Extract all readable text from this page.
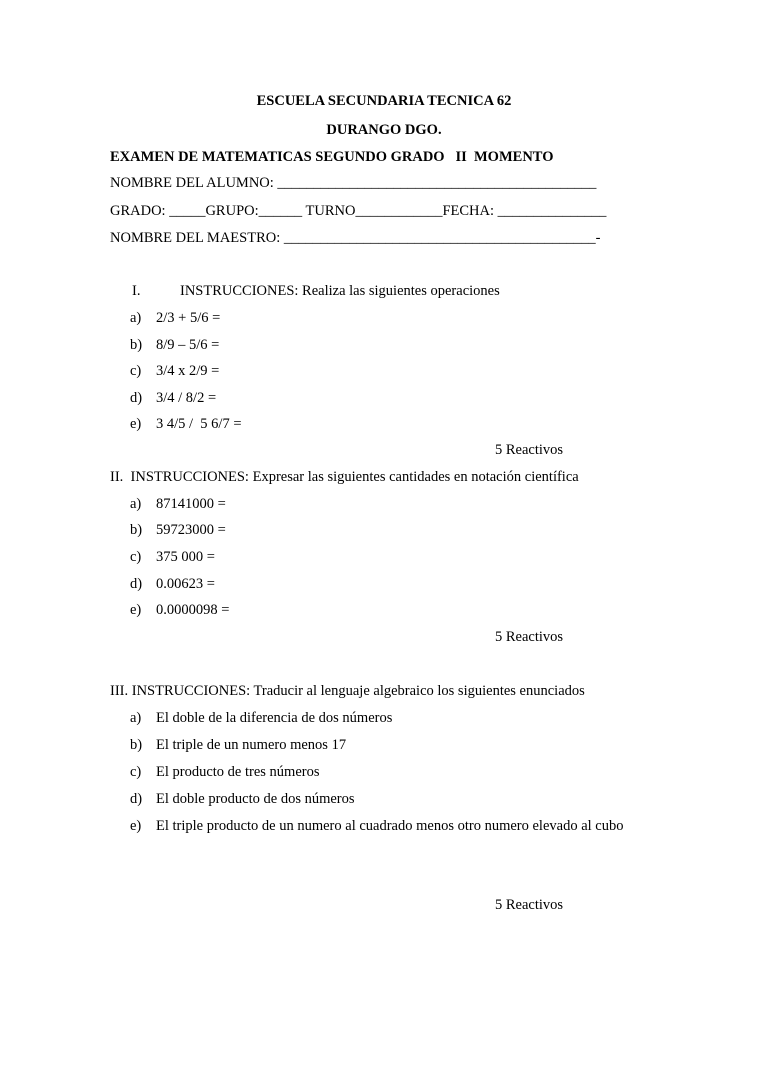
ESCUELA SECUNDARIA TECNICA 62
DURANGO DGO.
EXAMEN DE MATEMATICAS SEGUNDO GRADO   II  MOMENTO
NOMBRE DEL ALUMNO: ____________________________________________
GRADO: _____GRUPO:______ TURNO____________FECHA: _______________
NOMBRE DEL MAESTRO: ___________________________________________-
I.	INSTRUCCIONES: Realiza las siguientes operaciones
a) 2/3 + 5/6 =
b) 8/9 – 5/6 =
c) 3/4 x 2/9 =
d) 3/4 / 8/2 =
e) 3 4/5 /  5 6/7 =
5 Reactivos
II.  INSTRUCCIONES: Expresar las siguientes cantidades en notación científica
a) 87141000 =
b) 59723000 =
c) 375 000 =
d) 0.00623 =
e) 0.0000098 =
5 Reactivos
III. INSTRUCCIONES: Traducir al lenguaje algebraico los siguientes enunciados
a) El doble de la diferencia de dos números
b) El triple de un numero menos 17
c) El producto de tres números
d) El doble producto de dos números
e) El triple producto de un numero al cuadrado menos otro numero elevado al cubo
5 Reactivos
